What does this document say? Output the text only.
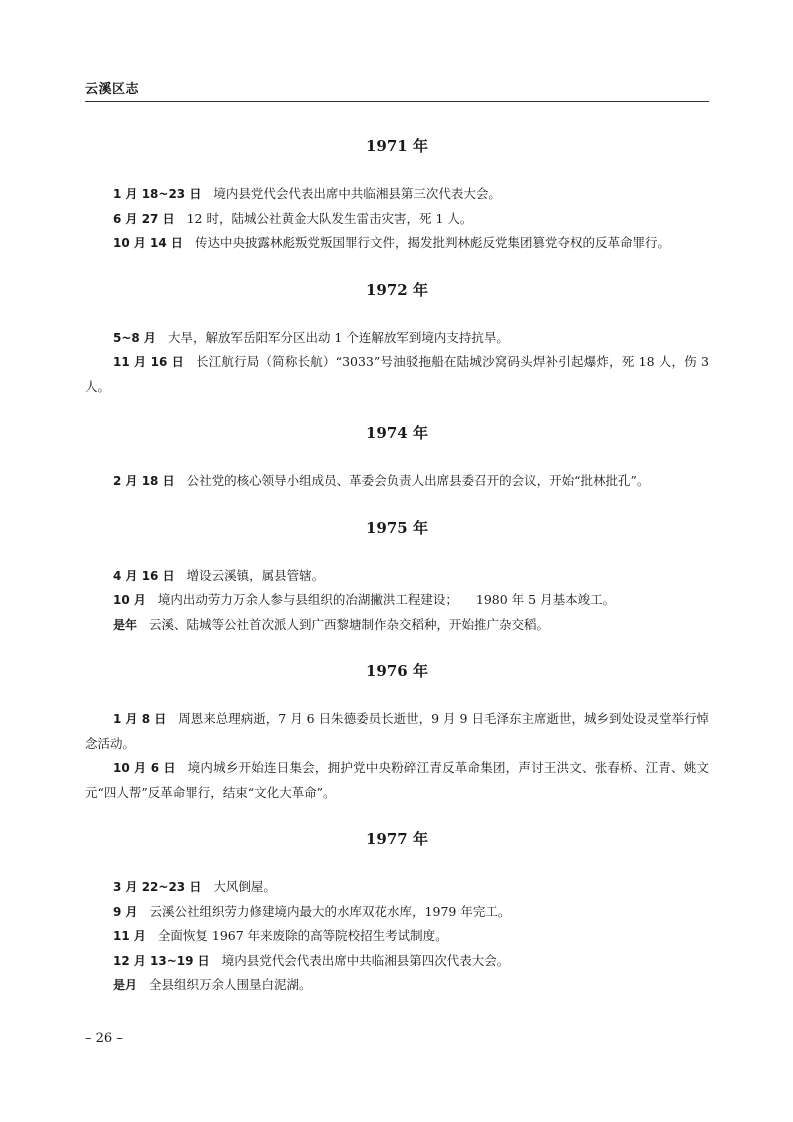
云溪区志
1971 年

1 月 18~23 日 境内县党代会代表出席中共临湘县第三次代表大会。

6 月 27 日 12 时，陆城公社黄金大队发生雷击灾害，死 1 人。

10 月 14 日 传达中央披露林彪叛党叛国罪行文件，揭发批判林彪反党集团篡党夺权的反革命罪行。

1972 年

5~8 月 大旱，解放军岳阳军分区出动 1 个连解放军到境内支持抗旱。

11 月 16 日 长江航行局（简称长航）“3033”号油驳拖船在陆城沙窝码头焊补引起爆炸，死 18 人，伤 3 人。

1974 年

2 月 18 日 公社党的核心领导小组成员、革委会负责人出席县委召开的会议，开始“批林批孔”。

1975 年

4 月 16 日 增设云溪镇，属县管辖。

10 月 境内出动劳力万余人参与县组织的冶湖撇洪工程建设； 1980 年 5 月基本竣工。

是年 云溪、陆城等公社首次派人到广西黎塘制作杂交稻种，开始推广杂交稻。

1976 年

1 月 8 日 周恩来总理病逝，7 月 6 日朱德委员长逝世，9 月 9 日毛泽东主席逝世，城乡到处设灵堂举行悼念活动。

10 月 6 日 境内城乡开始连日集会，拥护党中央粉碎江青反革命集团，声讨王洪文、张春桥、江青、姚文元“四人帮”反革命罪行，结束“文化大革命”。

1977 年

3 月 22~23 日 大风倒屋。

9 月 云溪公社组织劳力修建境内最大的水库双花水库，1979 年完工。

11 月 全面恢复 1967 年来废除的高等院校招生考试制度。

12 月 13~19 日 境内县党代会代表出席中共临湘县第四次代表大会。

是月 全县组织万余人围垦白泥湖。

– 26 –
